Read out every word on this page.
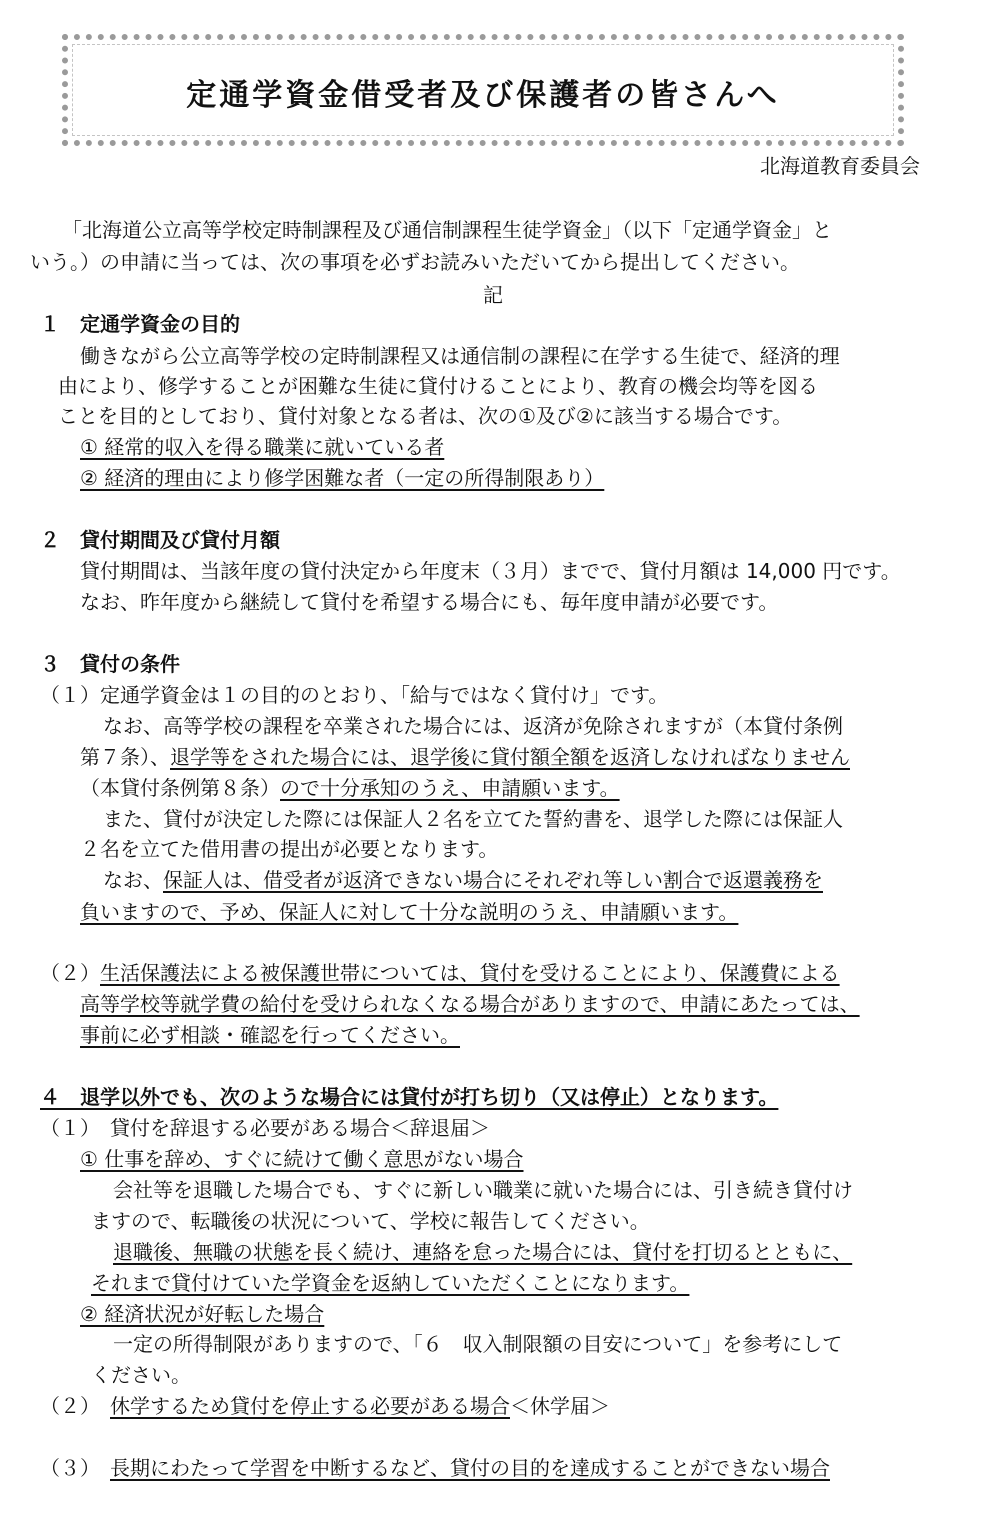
定通学資金借受者及び保護者の皆さんへ
北海道教育委員会
「北海道公立高等学校定時制課程及び通信制課程生徒学資金」（以下「定通学資金」と
いう。）の申請に当っては、次の事項を必ずお読みいただいてから提出してください。
記
１　定通学資金の目的
働きながら公立高等学校の定時制課程又は通信制の課程に在学する生徒で、経済的理
由により、修学することが困難な生徒に貸付けることにより、教育の機会均等を図る
ことを目的としており、貸付対象となる者は、次の①及び②に該当する場合です。
① 経常的収入を得る職業に就いている者
② 経済的理由により修学困難な者（一定の所得制限あり）
２　貸付期間及び貸付月額
貸付期間は、当該年度の貸付決定から年度末（３月）までで、貸付月額は 14,000 円です。
なお、昨年度から継続して貸付を希望する場合にも、毎年度申請が必要です。
３　貸付の条件
（１）定通学資金は１の目的のとおり、「給与ではなく貸付け」です。
なお、高等学校の課程を卒業された場合には、返済が免除されますが（本貸付条例
第７条）、退学等をされた場合には、退学後に貸付額全額を返済しなければなりません
（本貸付条例第８条）ので十分承知のうえ、申請願います。
また、貸付が決定した際には保証人２名を立てた誓約書を、退学した際には保証人
２名を立てた借用書の提出が必要となります。
なお、保証人は、借受者が返済できない場合にそれぞれ等しい割合で返還義務を
負いますので、予め、保証人に対して十分な説明のうえ、申請願います。
（２）生活保護法による被保護世帯については、貸付を受けることにより、保護費による
高等学校等就学費の給付を受けられなくなる場合がありますので、申請にあたっては、
事前に必ず相談・確認を行ってください。
４　退学以外でも、次のような場合には貸付が打ち切り（又は停止）となります。
（１）　貸付を辞退する必要がある場合＜辞退届＞
① 仕事を辞め、すぐに続けて働く意思がない場合
会社等を退職した場合でも、すぐに新しい職業に就いた場合には、引き続き貸付け
ますので、転職後の状況について、学校に報告してください。
退職後、無職の状態を長く続け、連絡を怠った場合には、貸付を打切るとともに、
それまで貸付けていた学資金を返納していただくことになります。
② 経済状況が好転した場合
一定の所得制限がありますので、「６　収入制限額の目安について」を参考にして
ください。
（２）　休学するため貸付を停止する必要がある場合＜休学届＞
（３）　長期にわたって学習を中断するなど、貸付の目的を達成することができない場合
